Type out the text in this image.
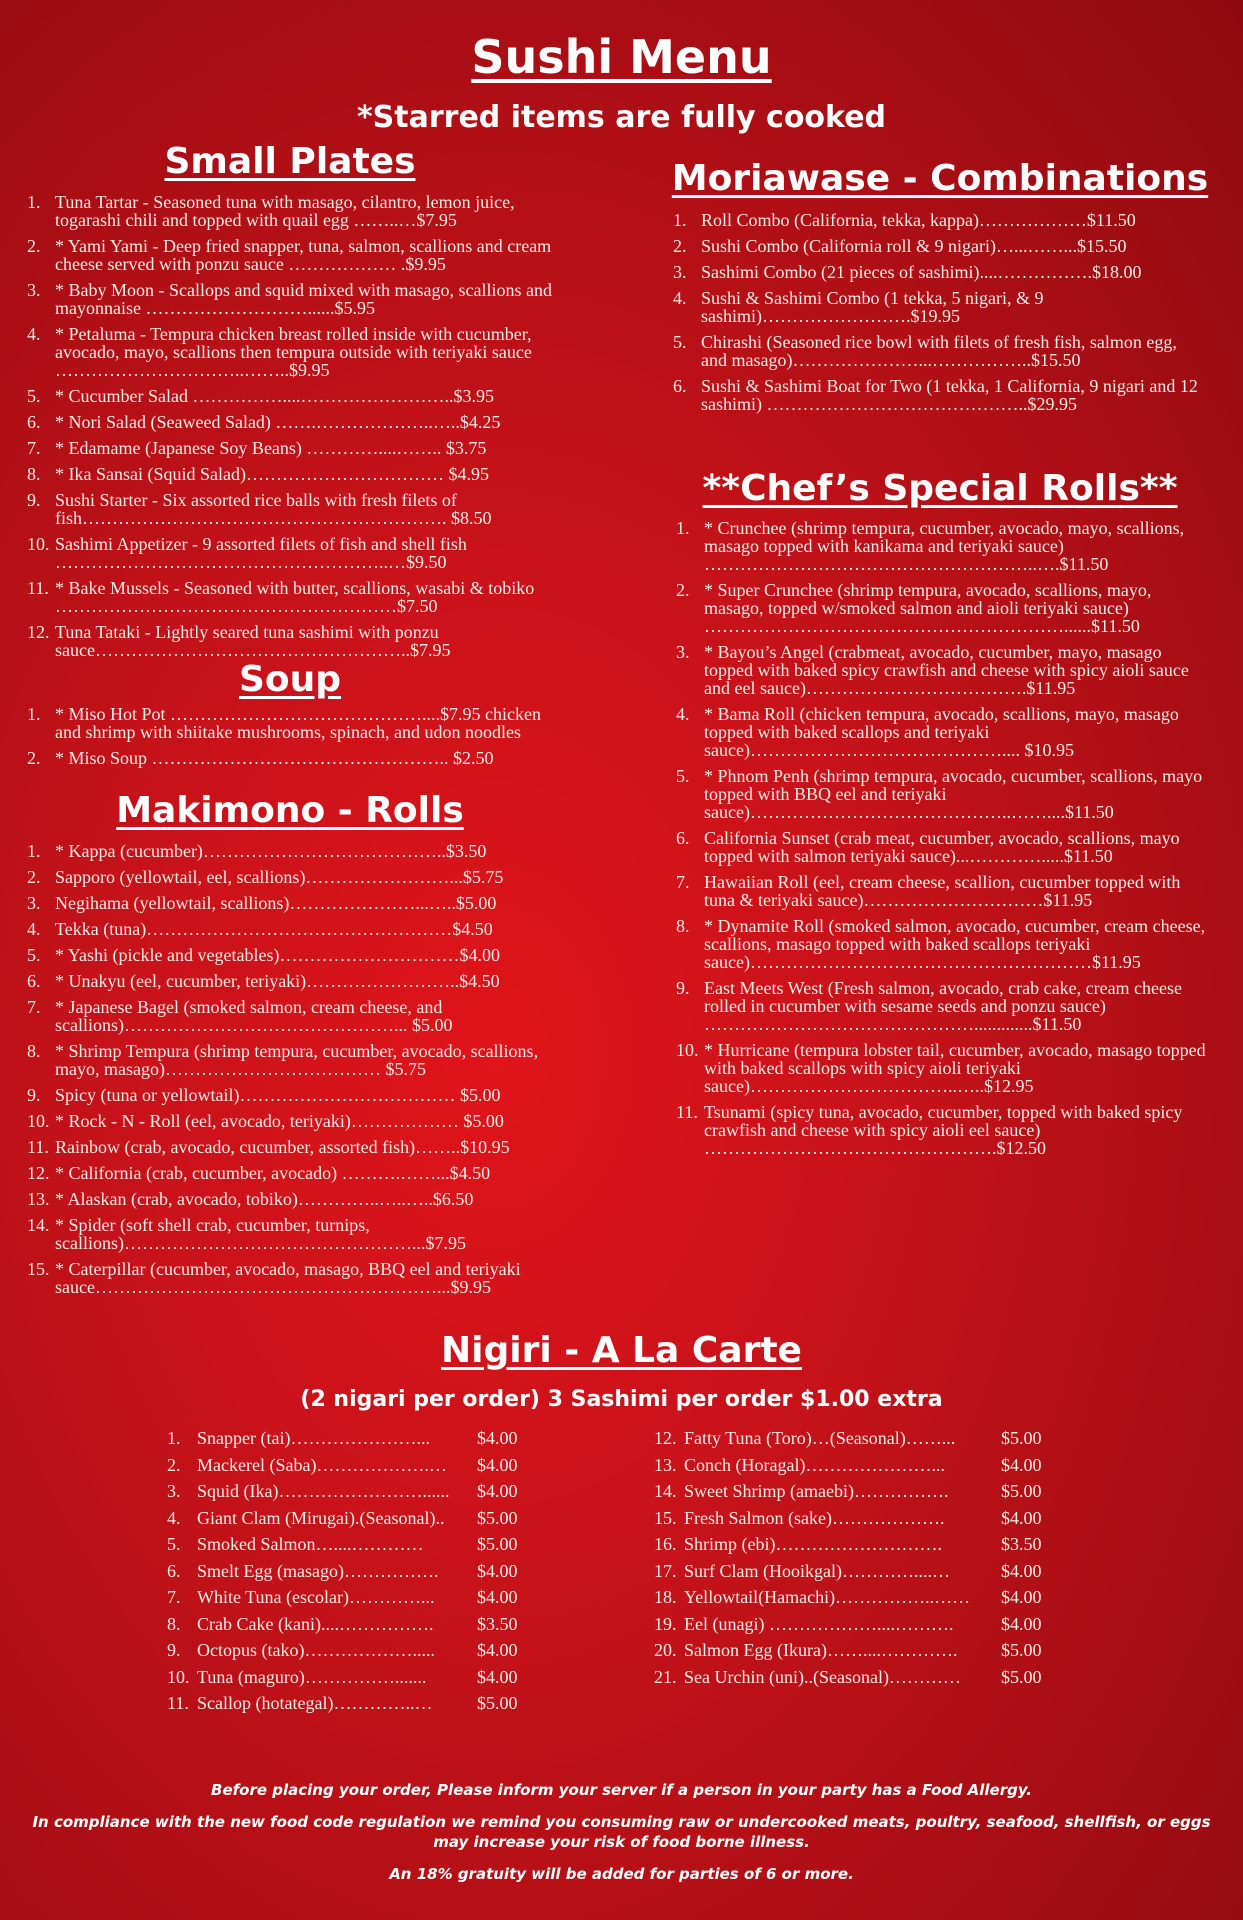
Sushi Menu
*Starred items are fully cooked
Small Plates
1. Tuna Tartar - Seasoned tuna with masago, cilantro, lemon juice, togarashi chili and topped with quail egg ……..…$7.95
2. * Yami Yami - Deep fried snapper, tuna, salmon, scallions and cream cheese served with ponzu sauce ……………… .$9.95
3. * Baby Moon - Scallops and squid mixed with masago, scallions and mayonnaise ………………………......$5.95
4. * Petaluma - Tempura chicken breast rolled inside with cucumber, avocado, mayo, scallions then tempura outside with teriyaki sauce …………………………..……..$9.95
5. * Cucumber Salad ……………....……………………..$3.95
6. * Nori Salad (Seaweed Salad) …….………………..…..$4.25
7. * Edamame (Japanese Soy Beans) …………....…….. $3.75
8. * Ika Sansai (Squid Salad)…………………………… $4.95
9. Sushi Starter - Six assorted rice balls with fresh filets of fish……………………………………………………. $8.50
10. Sashimi Appetizer - 9 assorted filets of fish and shell fish ………………………………………………..…$9.50
11. * Bake Mussels - Seasoned with butter, scallions, wasabi & tobiko …………………………………………………$7.50
12. Tuna Tataki - Lightly seared tuna sashimi with ponzu sauce……………………………………………..$7.95
Soup
1. * Miso Hot Pot ……………………………………....$7.95 chicken and shrimp with shiitake mushrooms, spinach, and udon noodles
2. * Miso Soup ………………………………………….. $2.50
Makimono - Rolls
1. * Kappa (cucumber)…………………………………..$3.50
2. Sapporo (yellowtail, eel, scallions)……………………...$5.75
3. Negihama (yellowtail, scallions)…………………...…..$5.00
4. Tekka (tuna)……………………………………………$4.50
5. * Yashi (pickle and vegetables)…………………………$4.00
6. * Unakyu (eel, cucumber, teriyaki)……………………..$4.50
7. * Japanese Bagel (smoked salmon, cream cheese, and scallions)………………………………………... $5.00
8. * Shrimp Tempura (shrimp tempura, cucumber, avocado, scallions, mayo, masago)……………………………… $5.75
9. Spicy (tuna or yellowtail)……………………………… $5.00
10. * Rock - N - Roll (eel, avocado, teriyaki)……………… $5.00
11. Rainbow (crab, avocado, cucumber, assorted fish)……..$10.95
12. * California (crab, cucumber, avocado) ……….……...$4.50
13. * Alaskan (crab, avocado, tobiko)…………..…..…..$6.50
14. * Spider (soft shell crab, cucumber, turnips, scallions)…………………………………………...$7.95
15. * Caterpillar (cucumber, avocado, masago, BBQ eel and teriyaki sauce…………………………………………………...$9.95
Moriawase - Combinations
1. Roll Combo (California, tekka, kappa)………………$11.50
2. Sushi Combo (California roll & 9 nigari)…...……...$15.50
3. Sashimi Combo (21 pieces of sashimi)....…………….$18.00
4. Sushi & Sashimi Combo (1 tekka, 5 nigari, & 9 sashimi)…………………….$19.95
5. Chirashi (Seasoned rice bowl with filets of fresh fish, salmon egg, and masago)…………………...……………..$15.50
6. Sushi & Sashimi Boat for Two (1 tekka, 1 California, 9 nigari and 12 sashimi) ……………………………………..$29.95
**Chef’s Special Rolls**
1. * Crunchee (shrimp tempura, cucumber, avocado, mayo, scallions, masago topped with kanikama and teriyaki sauce) ………………………………………………..….$11.50
2. * Super Crunchee (shrimp tempura, avocado, scallions, mayo, masago, topped w/smoked salmon and aioli teriyaki sauce) ……………………………………………………......$11.50
3. * Bayou’s Angel (crabmeat, avocado, cucumber, mayo, masago topped with baked spicy crawfish and cheese with spicy aioli sauce and eel sauce)……………………………….$11.95
4. * Bama Roll (chicken tempura, avocado, scallions, mayo, masago topped with baked scallops and teriyaki sauce)…………………………………….... $10.95
5. * Phnom Penh (shrimp tempura, avocado, cucumber, scallions, mayo topped with BBQ eel and teriyaki sauce)……………………………………..……....$11.50
6. California Sunset (crab meat, cucumber, avocado, scallions, mayo topped with salmon teriyaki sauce)...………….....$11.50
7. Hawaiian Roll (eel, cream cheese, scallion, cucumber topped with tuna & teriyaki sauce)…………………………$11.95
8. * Dynamite Roll (smoked salmon, avocado, cucumber, cream cheese, scallions, masago topped with baked scallops teriyaki sauce)…………………………………………………$11.95
9. East Meets West (Fresh salmon, avocado, crab cake, cream cheese rolled in cucumber with sesame seeds and ponzu sauce) ……………………………………….............$11.50
10. * Hurricane (tempura lobster tail, cucumber, avocado, masago topped with baked scallops with spicy aioli teriyaki sauce)……………………………..…..$12.95
11. Tsunami (spicy tuna, avocado, cucumber, topped with baked spicy crawfish and cheese with spicy aioli eel sauce) ………………………………………….$12.50
Nigiri - A La Carte
(2 nigari per order) 3 Sashimi per order $1.00 extra
1. Snapper (tai)…………………...	$4.00
2. Mackerel (Saba)……………….… $4.00
3. Squid (Ika)……………………...... $4.00
4. Giant Clam (Mirugai).(Seasonal).. $5.00
5. Smoked Salmon…....…………	$5.00
6. Smelt Egg (masago)……………. $4.00
7. White Tuna (escolar)…………... $4.00
8. Crab Cake (kani)....……………. $3.50
9. Octopus (tako)………………..... $4.00
10. Tuna (maguro)…………….......	$4.00
11. Scallop (hotategal)…………..… $5.00
12. Fatty Tuna (Toro)…(Seasonal)……...	$5.00
13. Conch (Horagal)…………………...	$4.00
14. Sweet Shrimp (amaebi)…………….	$5.00
15. Fresh Salmon (sake)……………….	$4.00
16. Shrimp (ebi)……………………….	$3.50
17. Surf Clam (Hooikgal)…………....…	$4.00
18. Yellowtail(Hamachi)……………..…… $4.00
19. Eel (unagi) ………………....……….	$4.00
20. Salmon Egg (Ikura)……....…………. $5.00
21. Sea Urchin (uni)..(Seasonal)………… $5.00
Before placing your order, Please inform your server if a person in your party has a Food Allergy.
In compliance with the new food code regulation we remind you consuming raw or undercooked meats, poultry, seafood, shellfish, or eggs may increase your risk of food borne illness.
An 18% gratuity will be added for parties of 6 or more.
